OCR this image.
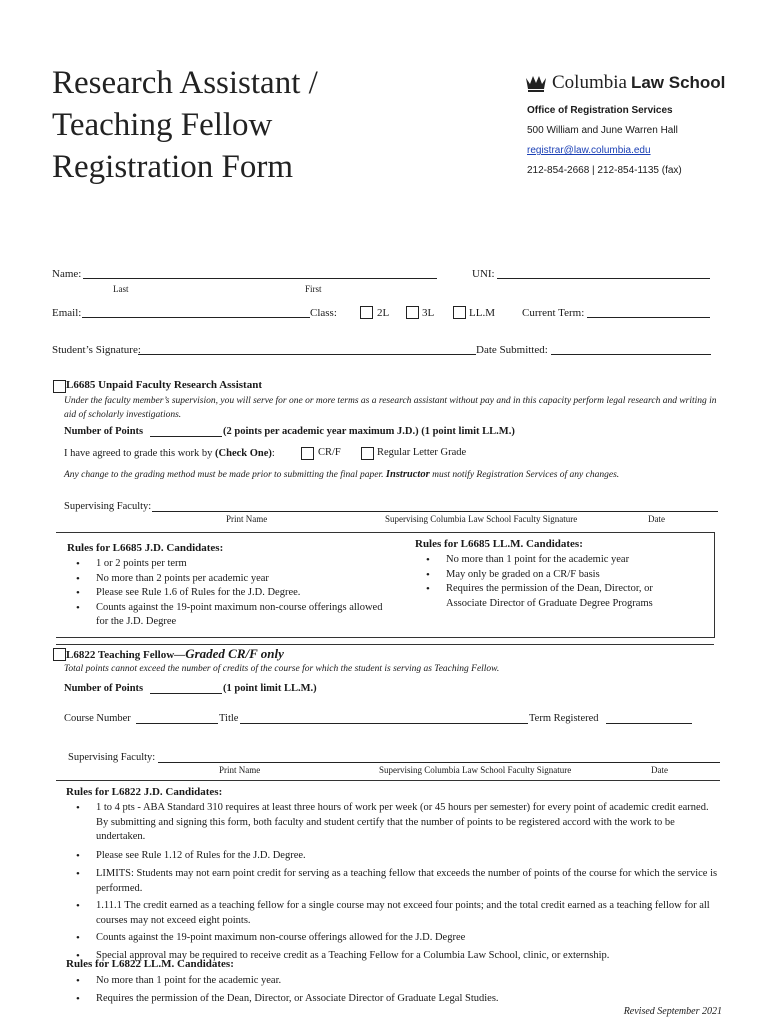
Research Assistant /
Teaching Fellow
Registration Form
Columbia Law School
Office of Registration Services
500 William and June Warren Hall
registrar@law.columbia.edu
212-854-2668 | 212-854-1135 (fax)
Name:
Last	First
UNI:
Email:	Class:	2L	3L	LL.M Current Term:
Student’s Signature:	Date Submitted:
L6685 Unpaid Faculty Research Assistant
Under the faculty member’s supervision, you will serve for one or more terms as a research assistant without pay and in this capacity perform legal research and writing in aid of scholarly investigations.
Number of Points	(2 points per academic year maximum J.D.) (1 point limit LL.M.)
I have agreed to grade this work by (Check One):	CR/F	Regular Letter Grade
Any change to the grading method must be made prior to submitting the final paper. Instructor must notify Registration Services of any changes.
Supervising Faculty:
Print Name	Supervising Columbia Law School Faculty Signature	Date
Rules for L6685 J.D. Candidates:
• 1 or 2 points per term
• No more than 2 points per academic year
• Please see Rule 1.6 of Rules for the J.D. Degree.
• Counts against the 19-point maximum non-course offerings allowed for the J.D. Degree
Rules for L6685 LL.M. Candidates:
• No more than 1 point for the academic year
• May only be graded on a CR/F basis
• Requires the permission of the Dean, Director, or Associate Director of Graduate Degree Programs
L6822 Teaching Fellow—Graded CR/F only
Total points cannot exceed the number of credits of the course for which the student is serving as Teaching Fellow.
Number of Points	(1 point limit LL.M.)
Course Number	Title	Term Registered
Supervising Faculty:
Print Name	Supervising Columbia Law School Faculty Signature	Date
Rules for L6822 J.D. Candidates:
• 1 to 4 pts - ABA Standard 310 requires at least three hours of work per week (or 45 hours per semester) for every point of academic credit earned. By submitting and signing this form, both faculty and student certify that the number of points to be registered accord with the work to be undertaken.
• Please see Rule 1.12 of Rules for the J.D. Degree.
• LIMITS: Students may not earn point credit for serving as a teaching fellow that exceeds the number of points of the course for which the service is performed.
• 1.11.1 The credit earned as a teaching fellow for a single course may not exceed four points; and the total credit earned as a teaching fellow for all courses may not exceed eight points.
• Counts against the 19-point maximum non-course offerings allowed for the J.D. Degree
• Special approval may be required to receive credit as a Teaching Fellow for a Columbia Law School, clinic, or externship.
Rules for L6822 LL.M. Candidates:
• No more than 1 point for the academic year.
• Requires the permission of the Dean, Director, or Associate Director of Graduate Legal Studies.
Revised September 2021
